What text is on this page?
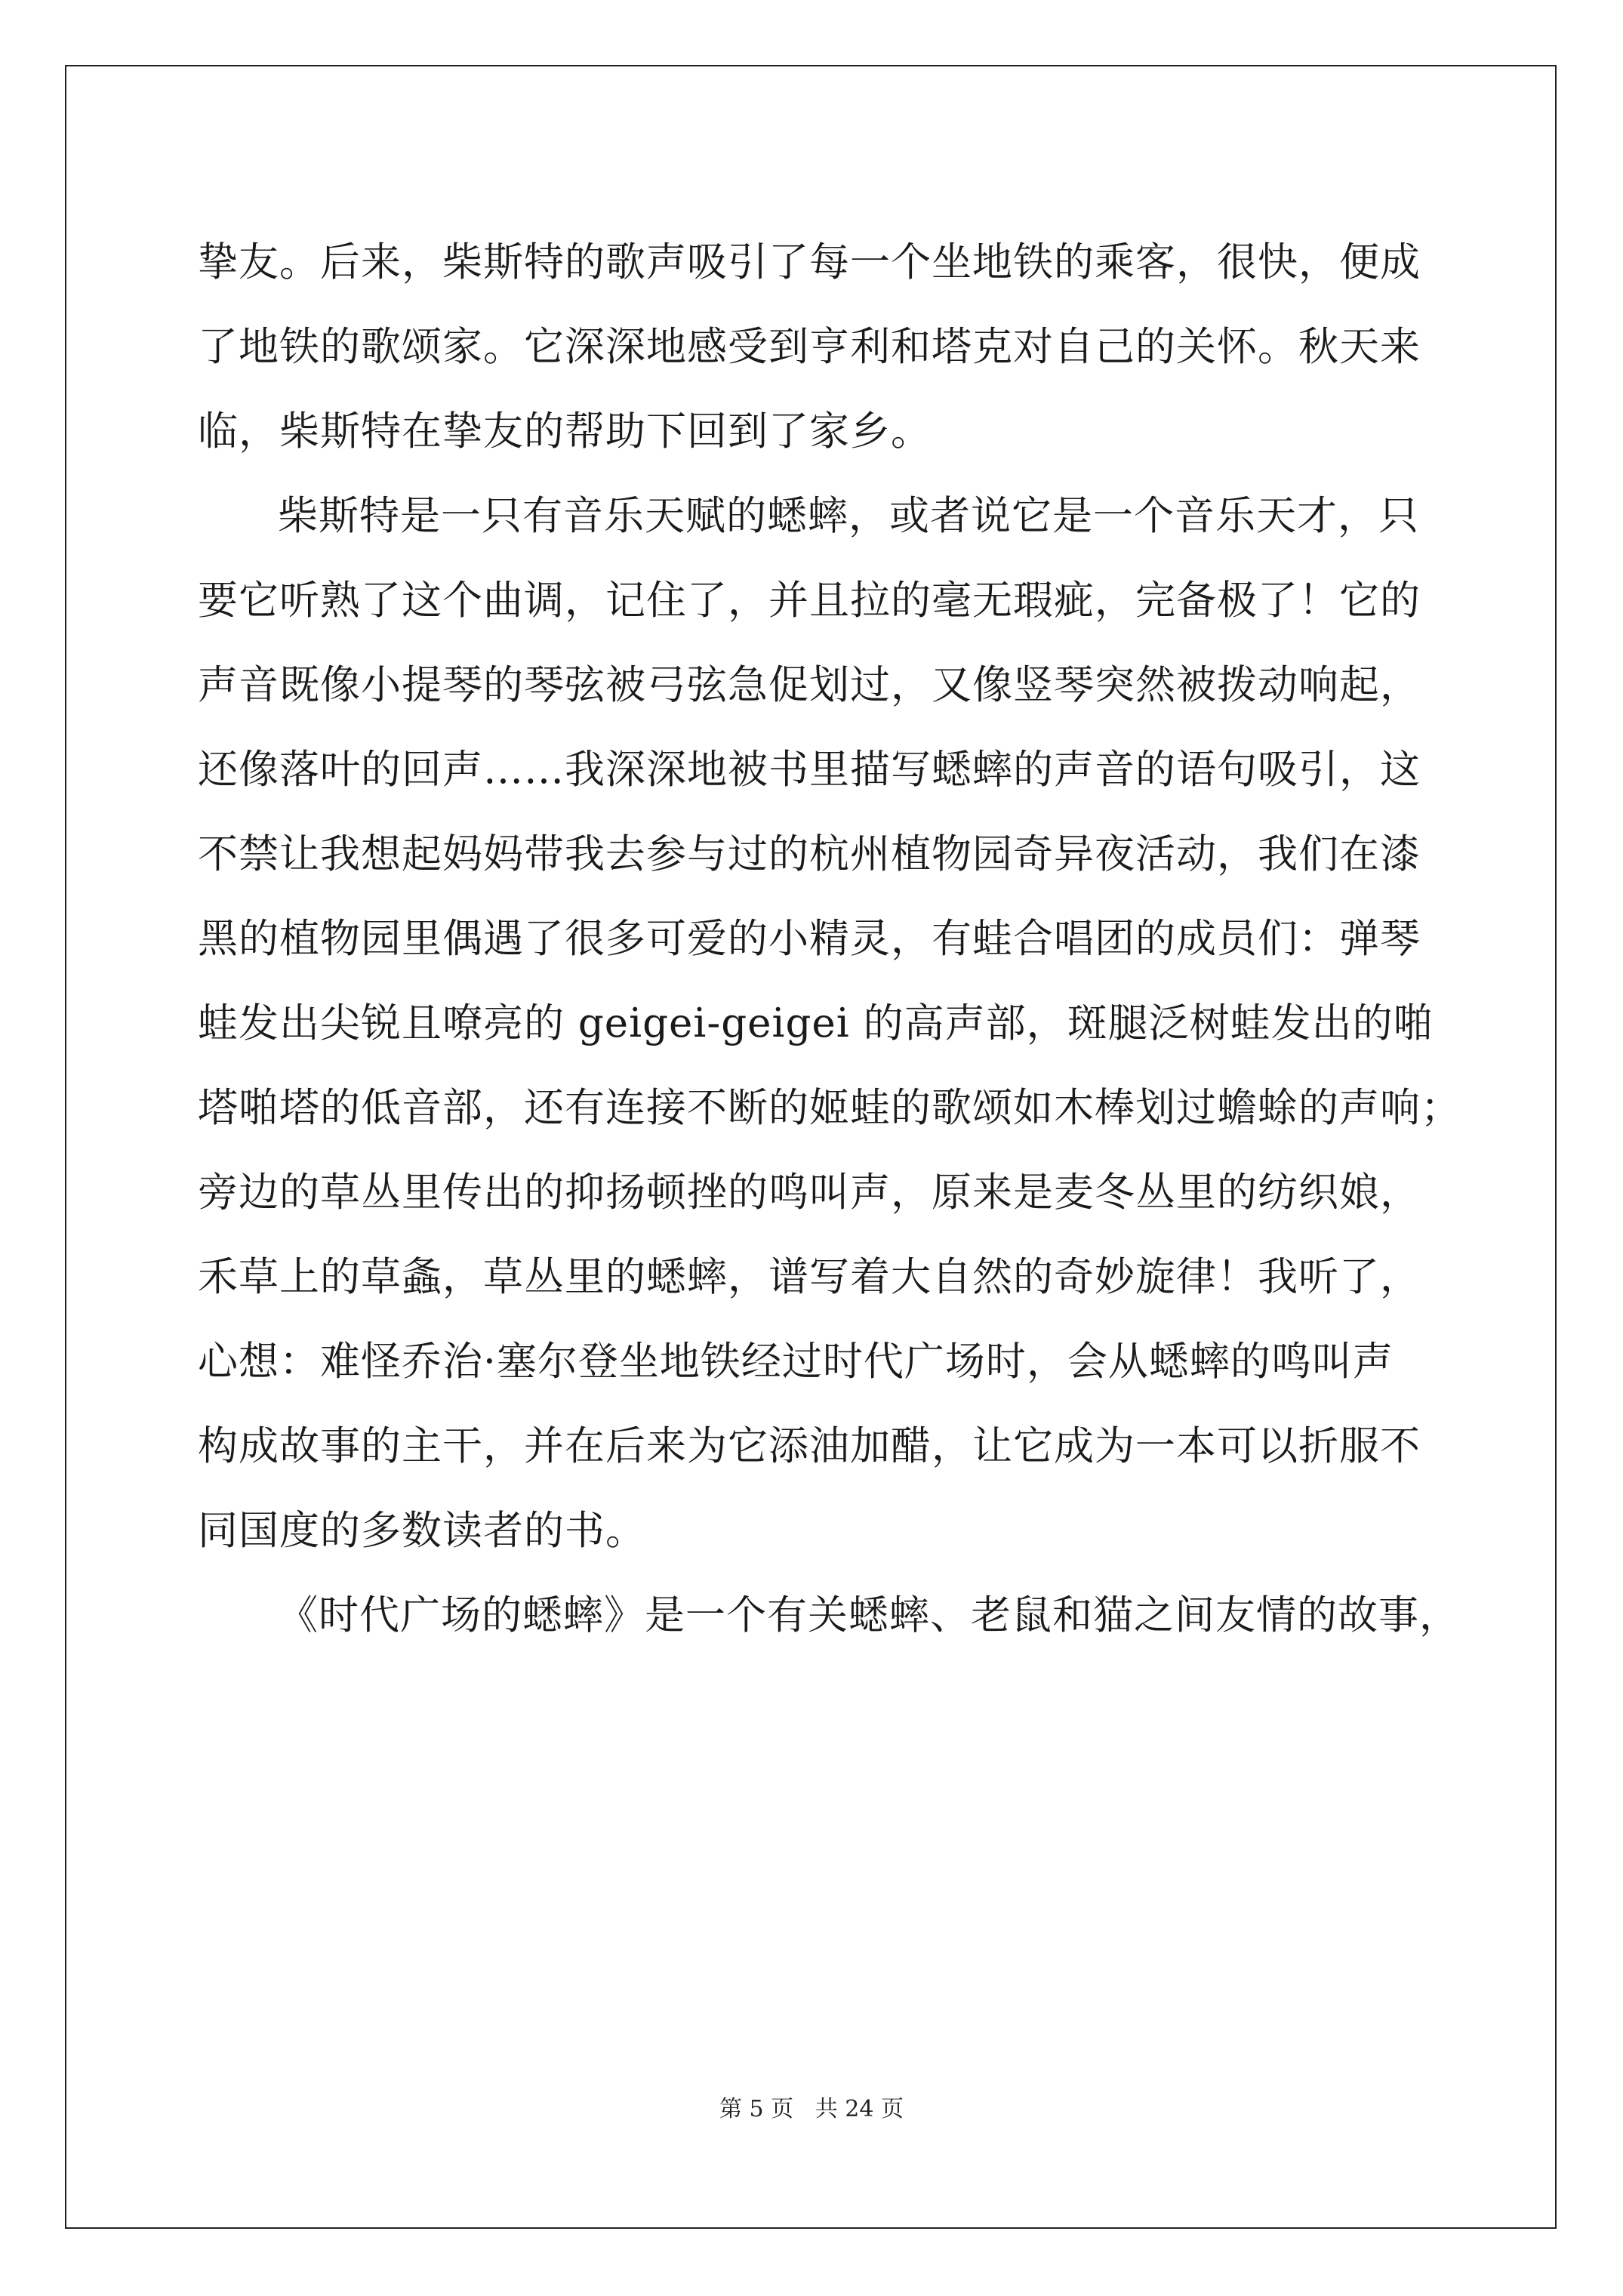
挚友。后来，柴斯特的歌声吸引了每一个坐地铁的乘客，很快，便成
了地铁的歌颂家。它深深地感受到亨利和塔克对自己的关怀。秋天来
临，柴斯特在挚友的帮助下回到了家乡。
柴斯特是一只有音乐天赋的蟋蟀，或者说它是一个音乐天才，只
要它听熟了这个曲调，记住了，并且拉的毫无瑕疵，完备极了！它的
声音既像小提琴的琴弦被弓弦急促划过，又像竖琴突然被拨动响起，
还像落叶的回声……我深深地被书里描写蟋蟀的声音的语句吸引，这
不禁让我想起妈妈带我去参与过的杭州植物园奇异夜活动，我们在漆
黑的植物园里偶遇了很多可爱的小精灵，有蛙合唱团的成员们：弹琴
蛙发出尖锐且嘹亮的 geigei-geigei 的高声部，斑腿泛树蛙发出的啪
塔啪塔的低音部，还有连接不断的姬蛙的歌颂如木棒划过蟾蜍的声响；
旁边的草丛里传出的抑扬顿挫的鸣叫声，原来是麦冬丛里的纺织娘，
禾草上的草螽，草丛里的蟋蟀，谱写着大自然的奇妙旋律！我听了，
心想：难怪乔治·塞尔登坐地铁经过时代广场时，会从蟋蟀的鸣叫声
构成故事的主干，并在后来为它添油加醋，让它成为一本可以折服不
同国度的多数读者的书。
《时代广场的蟋蟀》是一个有关蟋蟀、老鼠和猫之间友情的故事，
第 5 页   共 24 页
